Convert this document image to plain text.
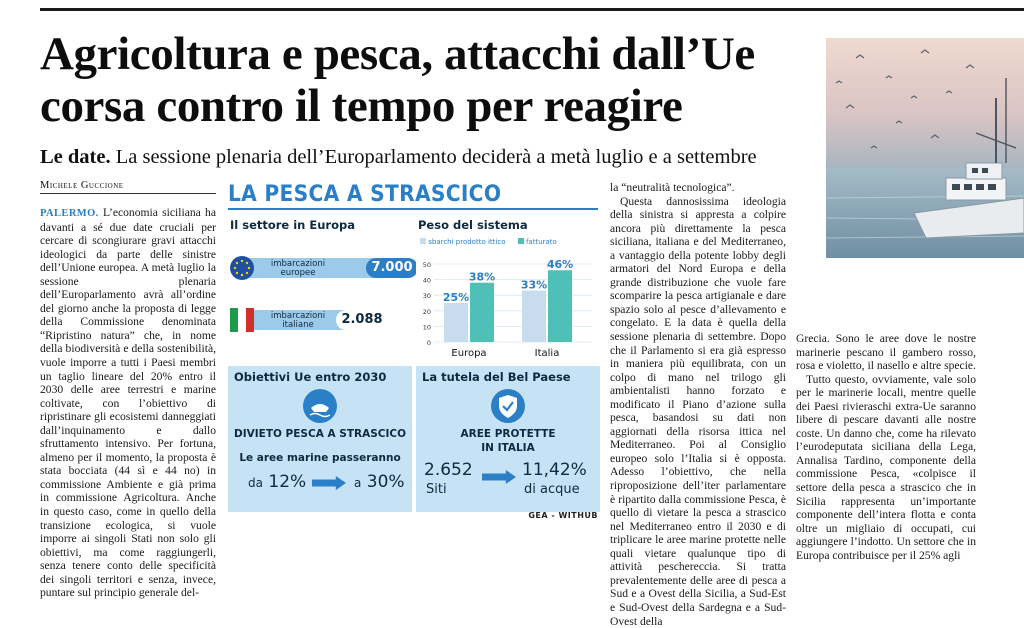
Agricoltura e pesca, attacchi dall’Ue
corsa contro il tempo per reagire
Le date. La sessione plenaria dell’Europarlamento deciderà a metà luglio e a settembre
Michele Guccione
PALERMO. L’economia siciliana ha davanti a sé due date cruciali per cercare di scongiurare gravi attacchi ideologici da parte delle sinistre dell’Unione europea. A metà luglio la sessione plenaria dell’Europarlamento avrà all’ordine del giorno anche la proposta di legge della Commissione denominata “Ripristino natura” che, in nome della biodiversità e della sostenibilità, vuole imporre a tutti i Paesi membri un taglio lineare del 20% entro il 2030 delle aree terrestri e marine coltivate, con l’obiettivo di ripristinare gli ecosistemi danneggiati dall’inquinamento e dallo sfruttamento intensivo. Per fortuna, almeno per il momento, la proposta è stata bocciata (44 sì e 44 no) in commissione Ambiente e già prima in commissione Agricoltura. Anche in questo caso, come in quello della transizione ecologica, si vuole imporre ai singoli Stati non solo gli obiettivi, ma come raggiungerli, senza tenere conto delle specificità dei singoli territori e senza, invece, puntare sul principio generale del-

la “neutralità tecnologica”.

Questa dannosissima ideologia della sinistra si appresta a colpire ancora più direttamente la pesca siciliana, italiana e del Mediterraneo, a vantaggio della potente lobby degli armatori del Nord Europa e della grande distribuzione che vuole fare scomparire la pesca artigianale e dare spazio solo al pesce d’allevamento e congelato. E la data è quella della sessione plenaria di settembre. Dopo che il Parlamento si era già espresso in maniera più equilibrata, con un colpo di mano nel trilogo gli ambientalisti hanno forzato e modificato il Piano d’azione sulla pesca, basandosi su dati non aggiornati della risorsa ittica nel Mediterraneo. Poi al Consiglio europeo solo l’Italia si è opposta. Adesso l’obiettivo, che nella riproposizione dell’iter parlamentare è ripartito dalla commissione Pesca, è quello di vietare la pesca a strascico nel Mediterraneo entro il 2030 e di triplicare le aree marine protette nelle quali vietare qualunque tipo di attività peschereccia. Si tratta prevalentemente delle aree di pesca a Sud e a Ovest della Sicilia, a Sud-Est e Sud-Ovest della Sardegna e a Sud-Ovest della

Grecia. Sono le aree dove le nostre marinerie pescano il gambero rosso, rosa e violetto, il nasello e altre specie.

Tutto questo, ovviamente, vale solo per le marinerie locali, mentre quelle dei Paesi rivieraschi extra-Ue saranno libere di pescare davanti alle nostre coste. Un danno che, come ha rilevato l’eurodeputata siciliana della Lega, Annalisa Tardino, componente della commissione Pesca, «colpisce il settore della pesca a strascico che in Sicilia rappresenta un’importante componente dell’intera flotta e conta oltre un migliaio di occupati, cui aggiungere l’indotto. Un settore che in Europa contribuisce per il 25% agli

LA PESCA A STRASCICO
Il settore in Europa
imbarcazioni europee	7.000
imbarcazioni italiane	2.088
Peso del sistema
sbarchi prodotto ittico	fatturato
0
10
20
30
40
50
25%
38%
Europa
33%
46%
Italia
Obiettivi Ue entro 2030
DIVIETO PESCA A STRASCICO
Le aree marine passeranno
da 12%	a 30%
La tutela del Bel Paese
AREE PROTETTE
IN ITALIA
2.652
Siti
11,42%
di acque
GEA - WITHUB
